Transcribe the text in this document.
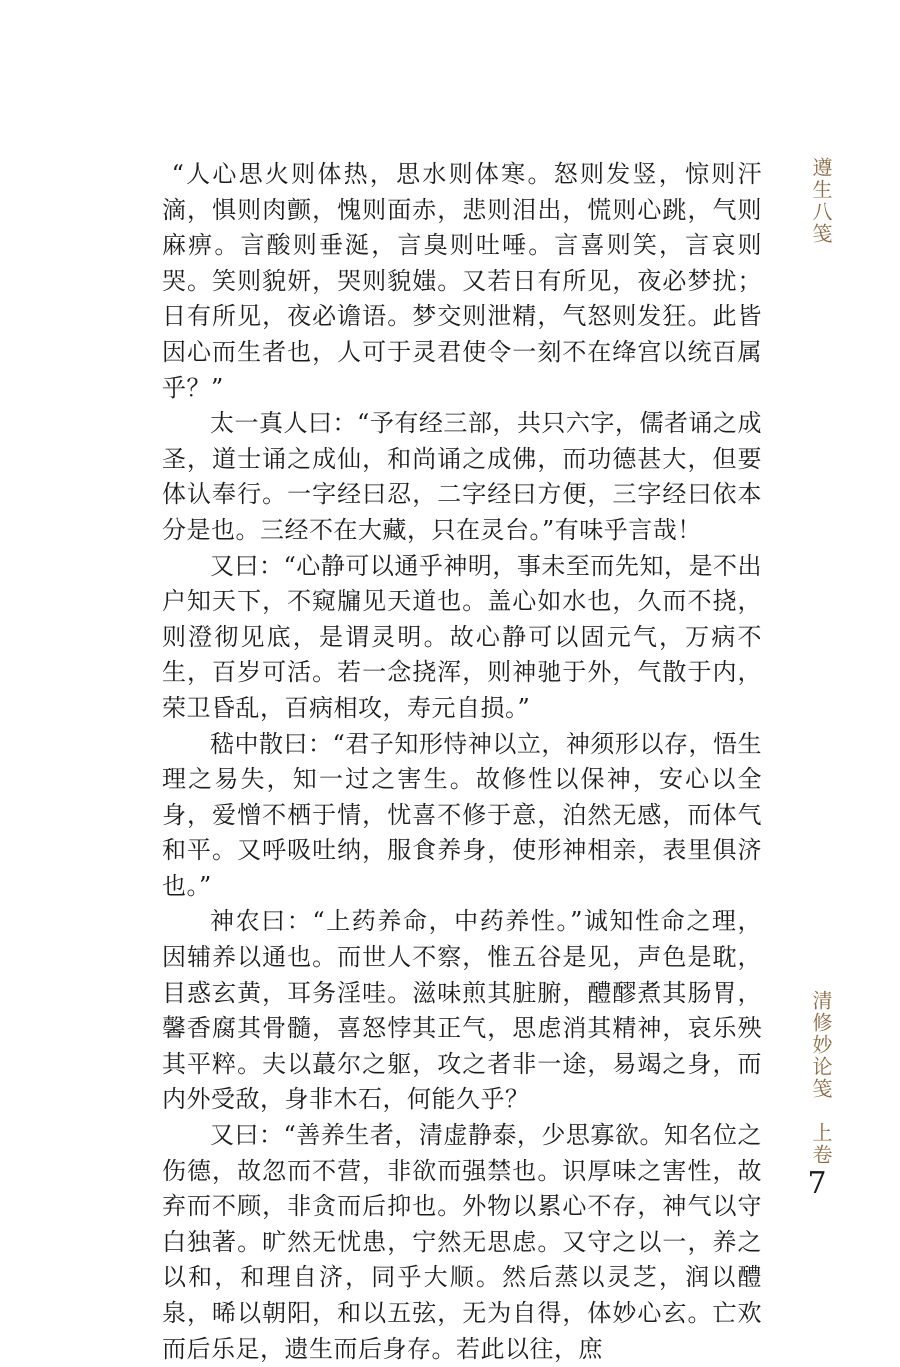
“人心思火则体热，思水则体寒。怒则发竖，惊则汗滴，惧则肉颤，愧则面赤，悲则泪出，慌则心跳，气则麻痹。言酸则垂涎，言臭则吐唾。言喜则笑，言哀则哭。笑则貌妍，哭则貌媸。又若日有所见，夜必梦扰；日有所见，夜必谵语。梦交则泄精，气怒则发狂。此皆因心而生者也，人可于灵君使令一刻不在绛宫以统百属乎？”

太一真人曰：“予有经三部，共只六字，儒者诵之成圣，道士诵之成仙，和尚诵之成佛，而功德甚大，但要体认奉行。一字经曰忍，二字经曰方便，三字经曰依本分是也。三经不在大藏，只在灵台。”有味乎言哉！

又曰：“心静可以通乎神明，事未至而先知，是不出户知天下，不窥牖见天道也。盖心如水也，久而不挠，则澄彻见底，是谓灵明。故心静可以固元气，万病不生，百岁可活。若一念挠浑，则神驰于外，气散于内，荣卫昏乱，百病相攻，寿元自损。”

嵇中散曰：“君子知形恃神以立，神须形以存，悟生理之易失，知一过之害生。故修性以保神，安心以全身，爱憎不栖于情，忧喜不修于意，泊然无感，而体气和平。又呼吸吐纳，服食养身，使形神相亲，表里俱济也。”

神农曰：“上药养命，中药养性。”诚知性命之理，因辅养以通也。而世人不察，惟五谷是见，声色是耽，目惑玄黄，耳务淫哇。滋味煎其脏腑，醴醪煮其肠胃，馨香腐其骨髓，喜怒悖其正气，思虑消其精神，哀乐殃其平粹。夫以蕞尔之躯，攻之者非一途，易竭之身，而内外受敌，身非木石，何能久乎？

又曰：“善养生者，清虚静泰，少思寡欲。知名位之伤德，故忽而不营，非欲而强禁也。识厚味之害性，故弃而不顾，非贪而后抑也。外物以累心不存，神气以守白独著。旷然无忧患，宁然无思虑。又守之以一，养之以和，和理自济，同乎大顺。然后蒸以灵芝，润以醴泉，晞以朝阳，和以五弦，无为自得，体妙心玄。亡欢而后乐足，遗生而后身存。若此以往，庶

遵生八笺
清修妙论笺　上卷
7
